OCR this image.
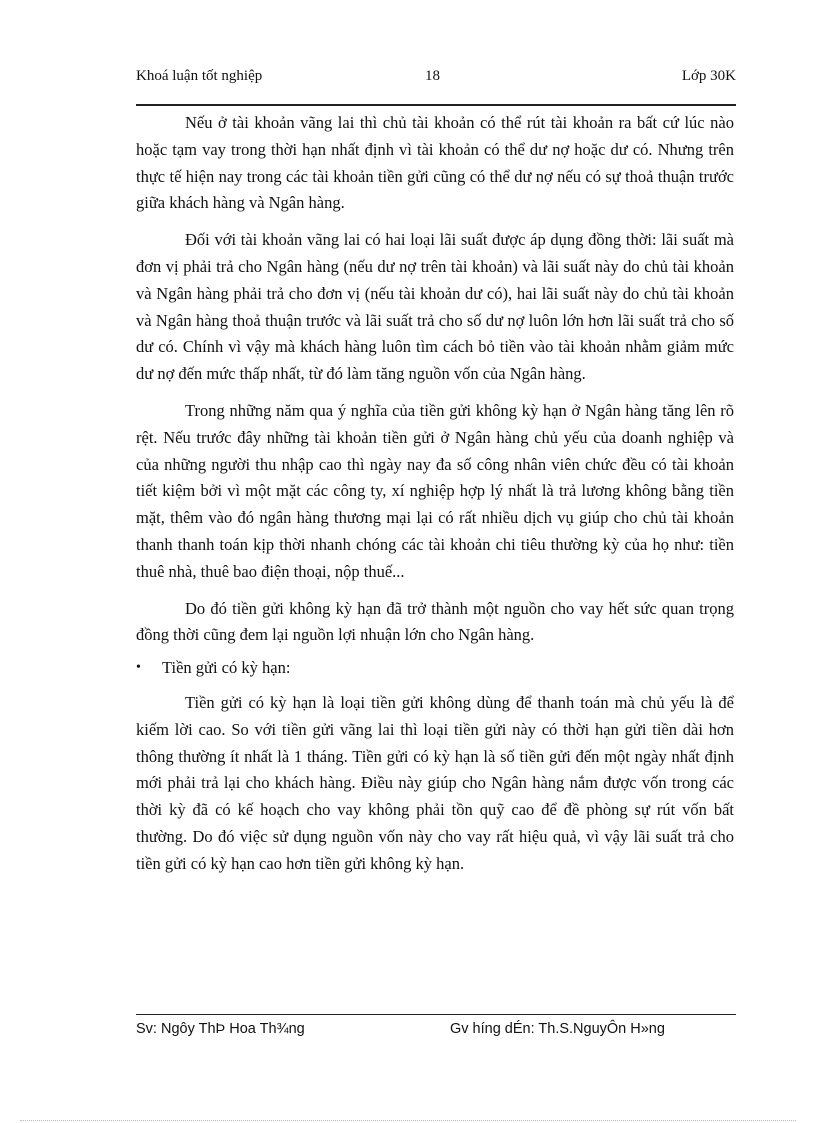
Khoá luận tốt nghiệp	18	Lớp 30K

Nếu ở tài khoản vãng lai thì chủ tài khoản có thể rút tài khoản ra bất cứ lúc nào hoặc tạm vay trong thời hạn nhất định vì tài khoản có thể dư nợ hoặc dư có. Nhưng trên thực tế hiện nay trong các tài khoản tiền gửi cũng có thể dư nợ nếu có sự thoả thuận trước giữa khách hàng và Ngân hàng.

Đối với tài khoản vãng lai có hai loại lãi suất được áp dụng đồng thời: lãi suất mà đơn vị phải trả cho Ngân hàng (nếu dư nợ trên tài khoản) và lãi suất này do chủ tài khoản và Ngân hàng phải trả cho đơn vị (nếu tài khoản dư có), hai lãi suất này do chủ tài khoản và Ngân hàng thoả thuận trước và lãi suất trả cho số dư nợ luôn lớn hơn lãi suất trả cho số dư có. Chính vì vậy mà khách hàng luôn tìm cách bỏ tiền vào tài khoản nhằm giảm mức dư nợ đến mức thấp nhất, từ đó làm tăng nguồn vốn của Ngân hàng.

Trong những năm qua ý nghĩa của tiền gửi không kỳ hạn ở Ngân hàng tăng lên rõ rệt. Nếu trước đây những tài khoản tiền gửi ở Ngân hàng chủ yếu của doanh nghiệp và của những người thu nhập cao thì ngày nay đa số công nhân viên chức đều có tài khoản tiết kiệm bởi vì một mặt các công ty, xí nghiệp hợp lý nhất là trả lương không bằng tiền mặt, thêm vào đó ngân hàng thương mại lại có rất nhiều dịch vụ giúp cho chủ tài khoản thanh thanh toán kịp thời nhanh chóng các tài khoản chi tiêu thường kỳ của họ như: tiền thuê nhà, thuê bao điện thoại, nộp thuế...

Do đó tiền gửi không kỳ hạn đã trở thành một nguồn cho vay hết sức quan trọng đồng thời cũng đem lại nguồn lợi nhuận lớn cho Ngân hàng.

•	Tiền gửi có kỳ hạn:

Tiền gửi có kỳ hạn là loại tiền gửi không dùng để thanh toán mà chủ yếu là để kiếm lời cao. So với tiền gửi vãng lai thì loại tiền gửi này có thời hạn gửi tiền dài hơn thông thường ít nhất là 1 tháng. Tiền gửi có kỳ hạn là số tiền gửi đến một ngày nhất định mới phải trả lại cho khách hàng. Điều này giúp cho Ngân hàng nắm được vốn trong các thời kỳ đã có kế hoạch cho vay không phải tồn quỹ cao để đề phòng sự rút vốn bất thường. Do đó việc sử dụng nguồn vốn này cho vay rất hiệu quả, vì vậy lãi suất trả cho tiền gửi có kỳ hạn cao hơn tiền gửi không kỳ hạn.

Sv: Ngôy ThÞ Hoa Th¾ng	Gv híng dÉn: Th.S.NguyÔn H»ng
